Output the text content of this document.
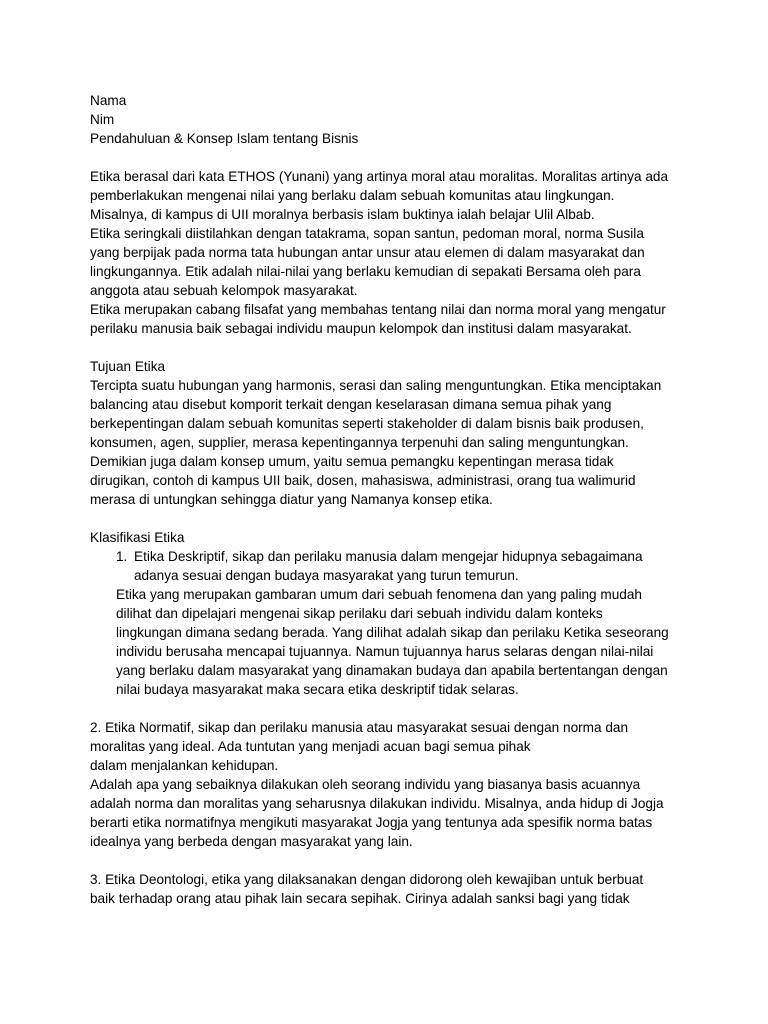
Nama
Nim
Pendahuluan & Konsep Islam tentang Bisnis
Etika berasal dari kata ETHOS (Yunani) yang artinya moral atau moralitas. Moralitas artinya ada
pemberlakukan mengenai nilai yang berlaku dalam sebuah komunitas atau lingkungan.
Misalnya, di kampus di UII moralnya berbasis islam buktinya ialah belajar Ulil Albab.
Etika seringkali diistilahkan dengan tatakrama, sopan santun, pedoman moral, norma Susila
yang berpijak pada norma tata hubungan antar unsur atau elemen di dalam masyarakat dan
lingkungannya. Etik adalah nilai-nilai yang berlaku kemudian di sepakati Bersama oleh para
anggota atau sebuah kelompok masyarakat.
Etika merupakan cabang filsafat yang membahas tentang nilai dan norma moral yang mengatur
perilaku manusia baik sebagai individu maupun kelompok dan institusi dalam masyarakat.
Tujuan Etika
Tercipta suatu hubungan yang harmonis, serasi dan saling menguntungkan. Etika menciptakan
balancing atau disebut komporit terkait dengan keselarasan dimana semua pihak yang
berkepentingan dalam sebuah komunitas seperti stakeholder di dalam bisnis baik produsen,
konsumen, agen, supplier, merasa kepentingannya terpenuhi dan saling menguntungkan.
Demikian juga dalam konsep umum, yaitu semua pemangku kepentingan merasa tidak
dirugikan, contoh di kampus UII baik, dosen, mahasiswa, administrasi, orang tua walimurid
merasa di untungkan sehingga diatur yang Namanya konsep etika.
Klasifikasi Etika
1. Etika Deskriptif, sikap dan perilaku manusia dalam mengejar hidupnya sebagaimana
adanya sesuai dengan budaya masyarakat yang turun temurun.
Etika yang merupakan gambaran umum dari sebuah fenomena dan yang paling mudah
dilihat dan dipelajari mengenai sikap perilaku dari sebuah individu dalam konteks
lingkungan dimana sedang berada. Yang dilihat adalah sikap dan perilaku Ketika seseorang
individu berusaha mencapai tujuannya. Namun tujuannya harus selaras dengan nilai-nilai
yang berlaku dalam masyarakat yang dinamakan budaya dan apabila bertentangan dengan
nilai budaya masyarakat maka secara etika deskriptif tidak selaras.
2. Etika Normatif, sikap dan perilaku manusia atau masyarakat sesuai dengan norma dan
moralitas yang ideal. Ada tuntutan yang menjadi acuan bagi semua pihak
dalam menjalankan kehidupan.
Adalah apa yang sebaiknya dilakukan oleh seorang individu yang biasanya basis acuannya
adalah norma dan moralitas yang seharusnya dilakukan individu. Misalnya, anda hidup di Jogja
berarti etika normatifnya mengikuti masyarakat Jogja yang tentunya ada spesifik norma batas
idealnya yang berbeda dengan masyarakat yang lain.
3. Etika Deontologi, etika yang dilaksanakan dengan didorong oleh kewajiban untuk berbuat
baik terhadap orang atau pihak lain secara sepihak. Cirinya adalah sanksi bagi yang tidak
